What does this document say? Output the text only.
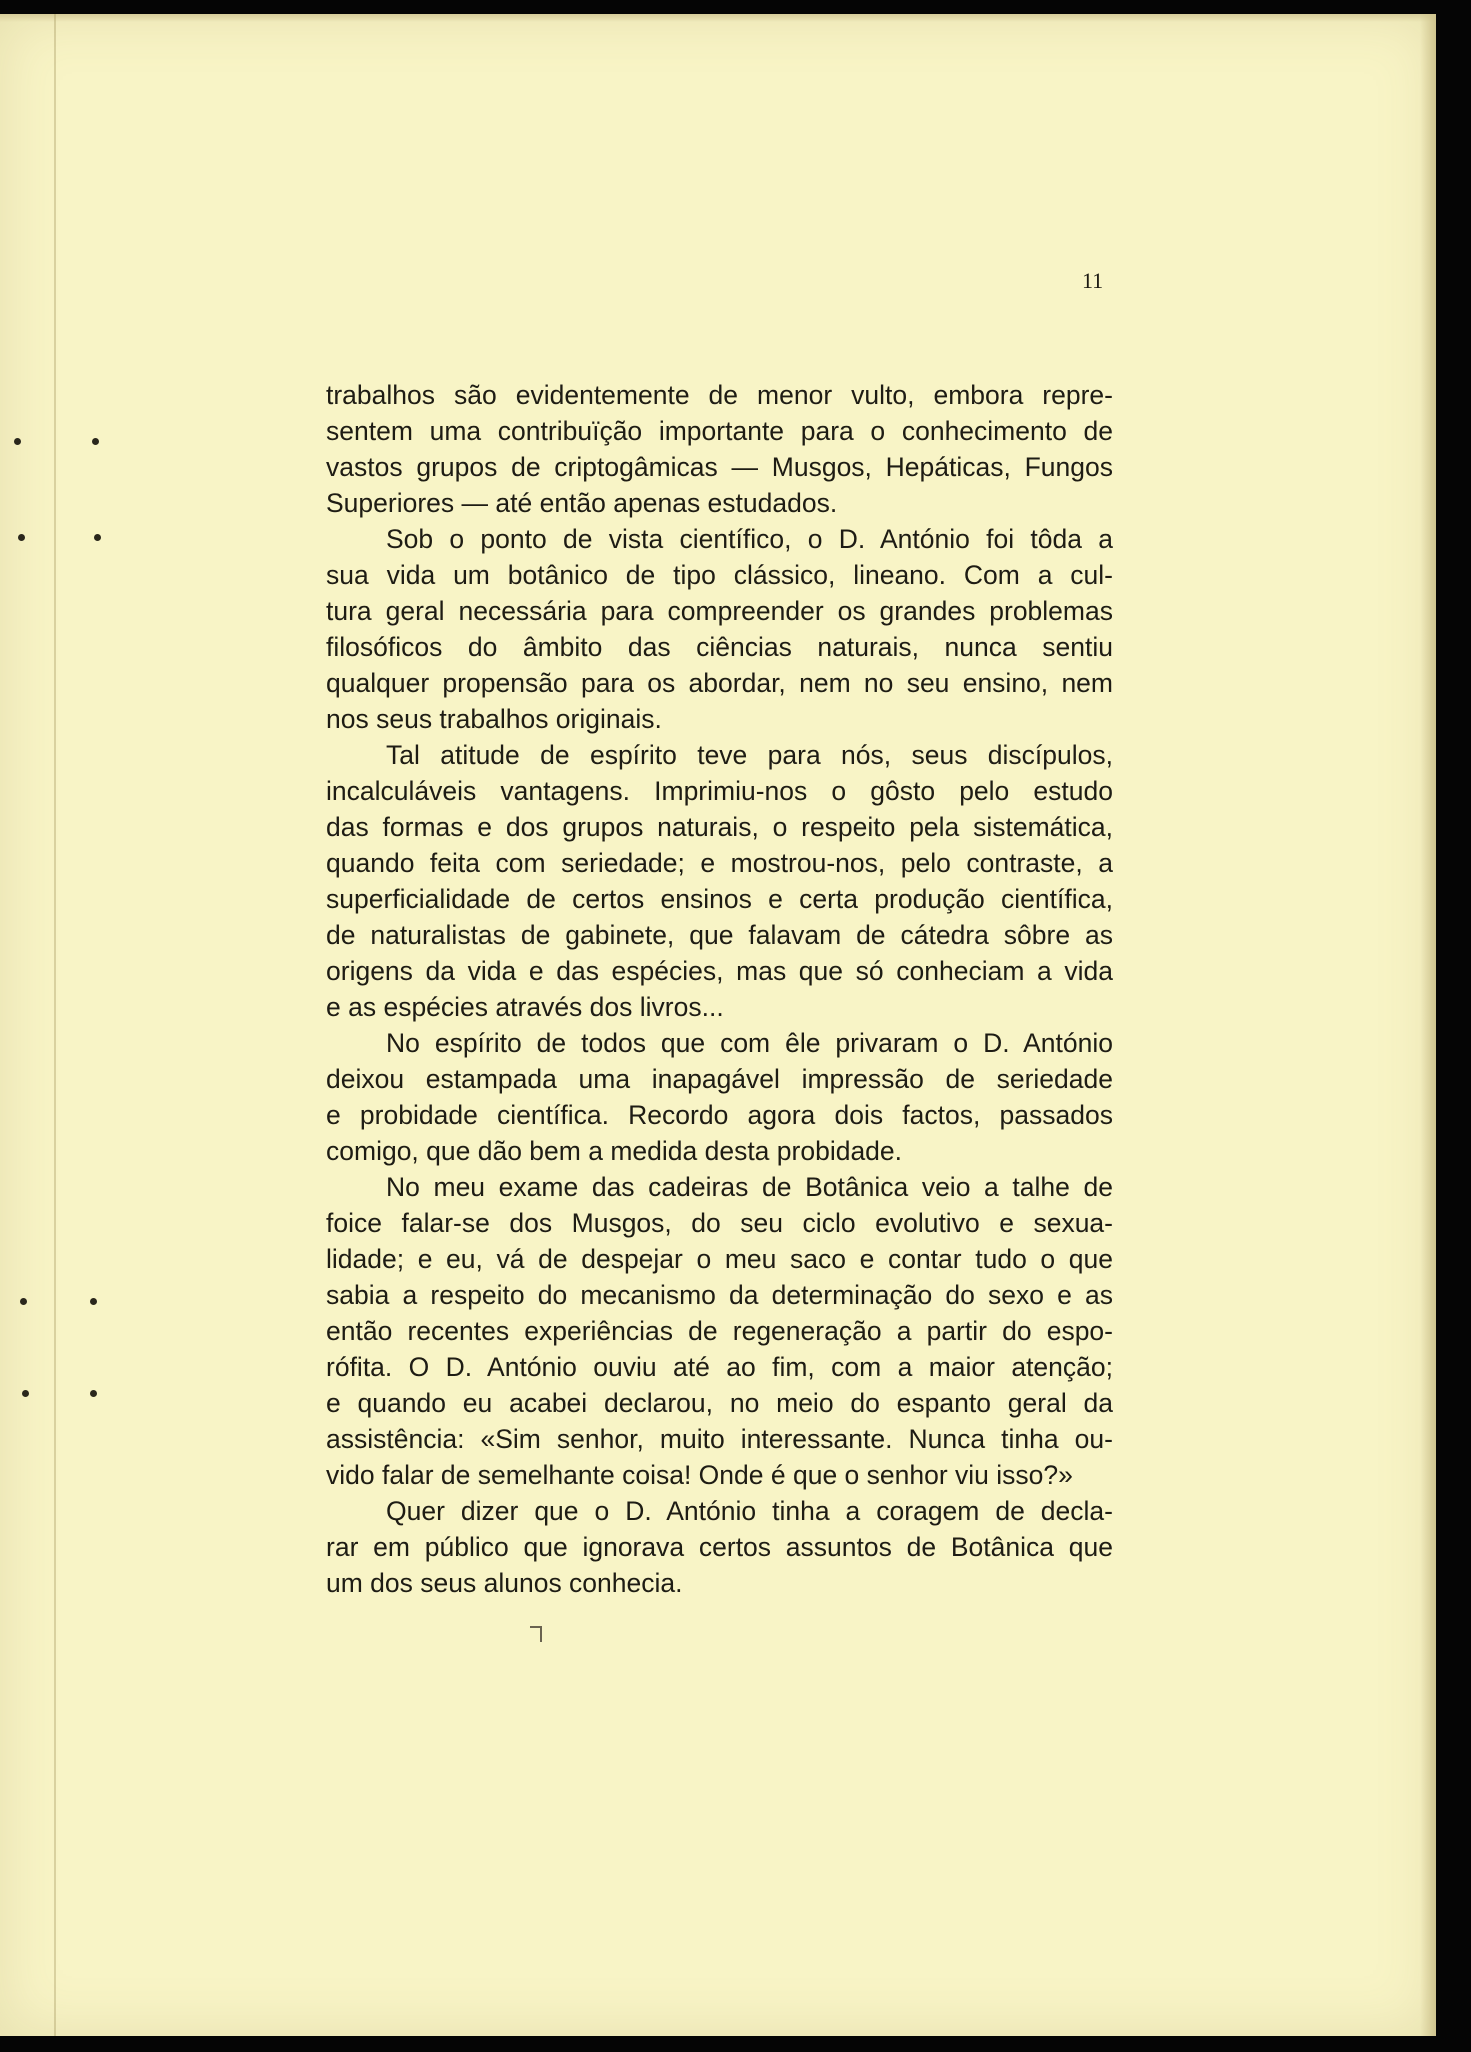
11
trabalhos são evidentemente de menor vulto, embora repre-
sentem uma contribuïção importante para o conhecimento de
vastos grupos de criptogâmicas — Musgos, Hepáticas, Fungos
Superiores — até então apenas estudados.
Sob o ponto de vista científico, o D. António foi tôda a
sua vida um botânico de tipo clássico, lineano. Com a cul-
tura geral necessária para compreender os grandes problemas
filosóficos do âmbito das ciências naturais, nunca sentiu
qualquer propensão para os abordar, nem no seu ensino, nem
nos seus trabalhos originais.
Tal atitude de espírito teve para nós, seus discípulos,
incalculáveis vantagens. Imprimiu-nos o gôsto pelo estudo
das formas e dos grupos naturais, o respeito pela sistemática,
quando feita com seriedade; e mostrou-nos, pelo contraste, a
superficialidade de certos ensinos e certa produção científica,
de naturalistas de gabinete, que falavam de cátedra sôbre as
origens da vida e das espécies, mas que só conheciam a vida
e as espécies através dos livros...
No espírito de todos que com êle privaram o D. António
deixou estampada uma inapagável impressão de seriedade
e probidade científica. Recordo agora dois factos, passados
comigo, que dão bem a medida desta probidade.
No meu exame das cadeiras de Botânica veio a talhe de
foice falar-se dos Musgos, do seu ciclo evolutivo e sexua-
lidade; e eu, vá de despejar o meu saco e contar tudo o que
sabia a respeito do mecanismo da determinação do sexo e as
então recentes experiências de regeneração a partir do espo-
rófita. O D. António ouviu até ao fim, com a maior atenção;
e quando eu acabei declarou, no meio do espanto geral da
assistência: «Sim senhor, muito interessante. Nunca tinha ou-
vido falar de semelhante coisa! Onde é que o senhor viu isso?»
Quer dizer que o D. António tinha a coragem de decla-
rar em público que ignorava certos assuntos de Botânica que
um dos seus alunos conhecia.
